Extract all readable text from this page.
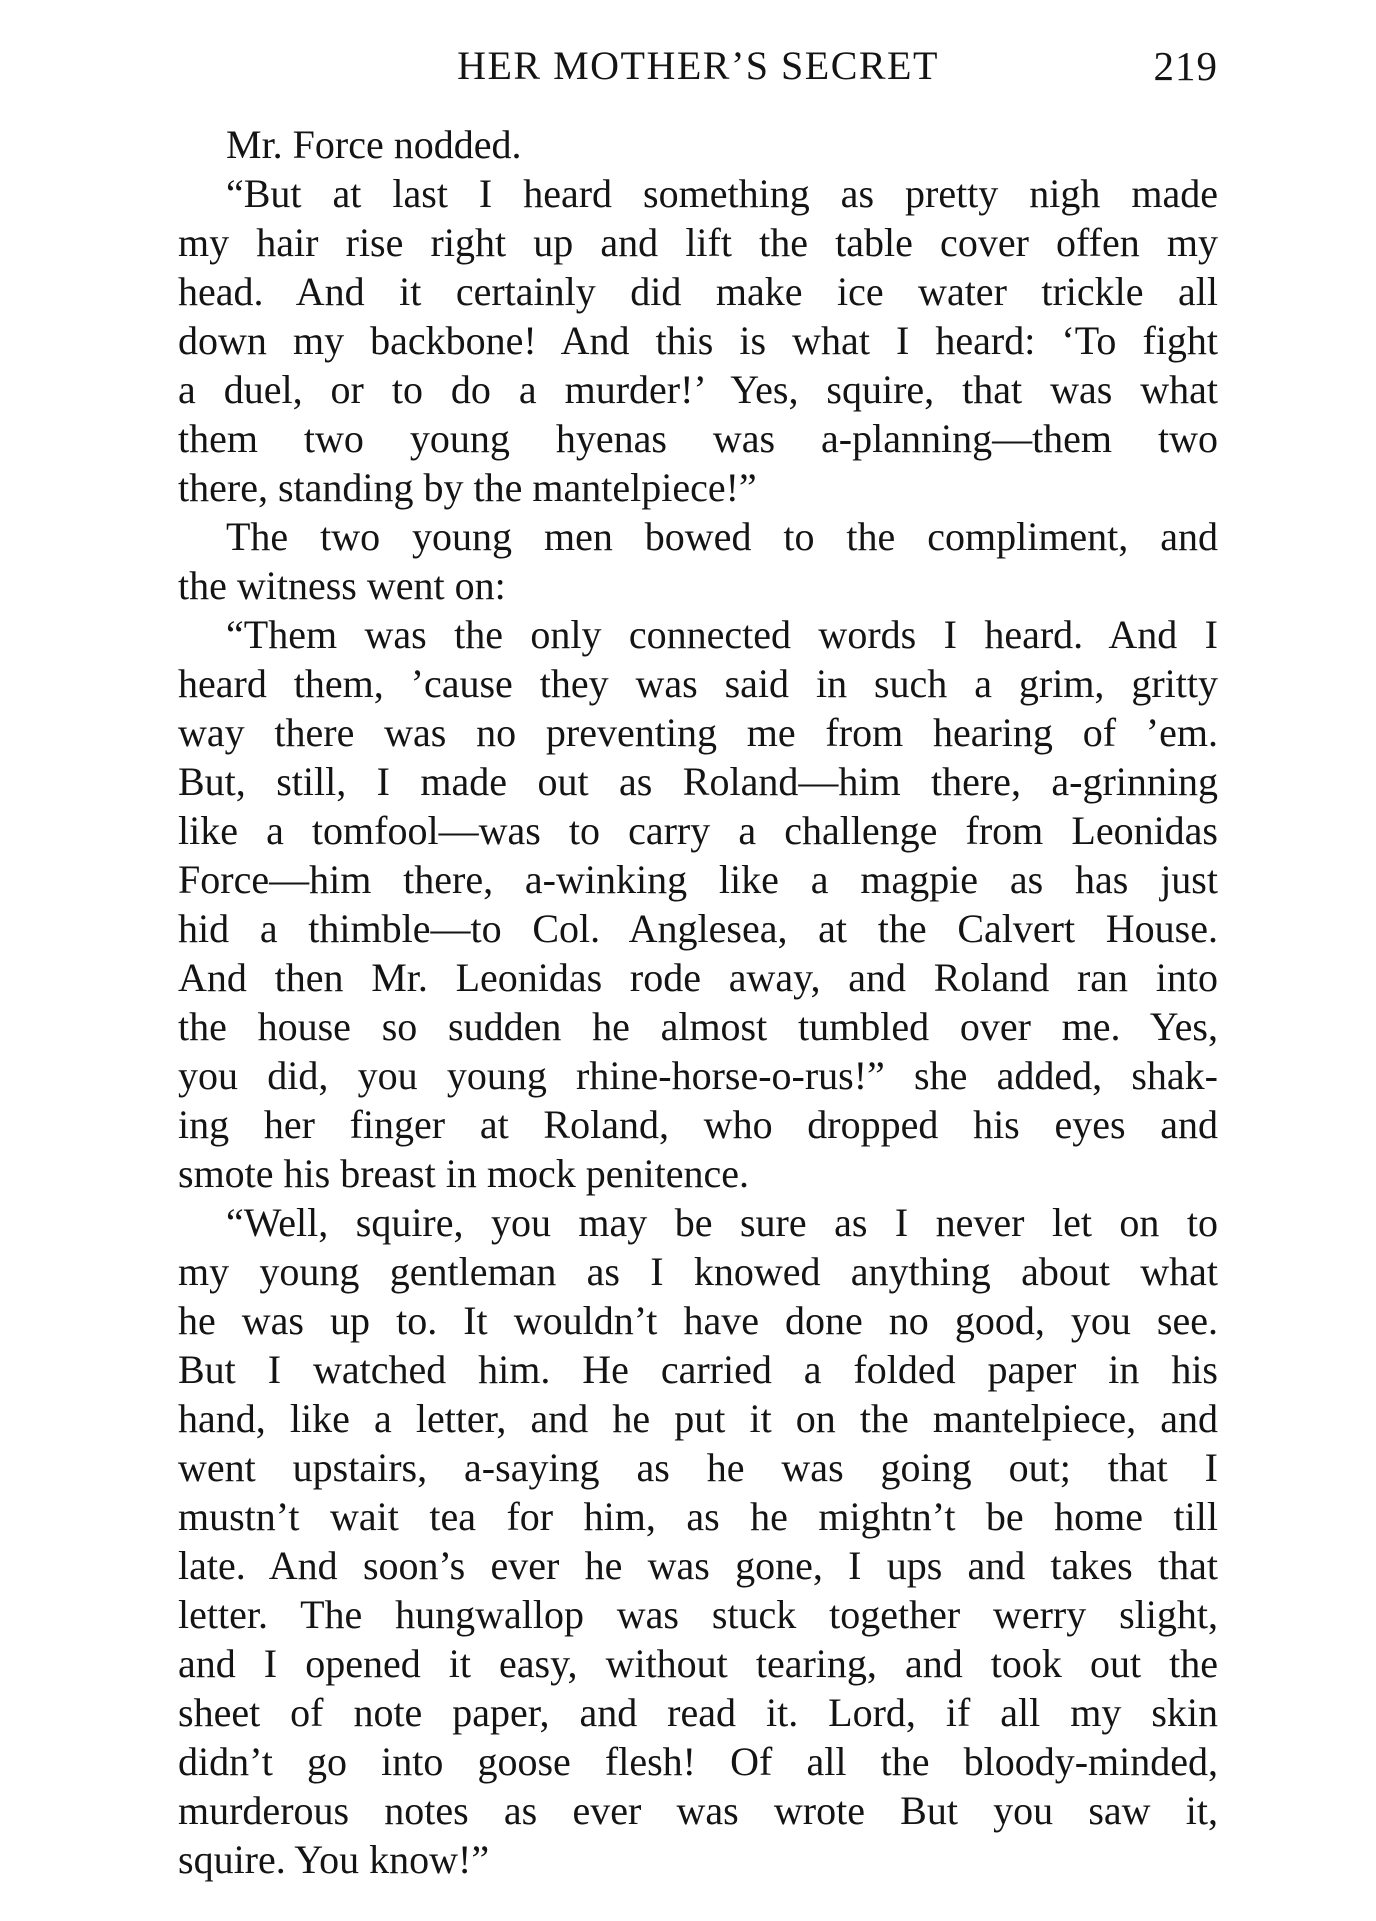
HER MOTHER’S SECRET	219

Mr. Force nodded.

“But at last I heard something as pretty nigh made
my hair rise right up and lift the table cover offen my
head. And it certainly did make ice water trickle all
down my backbone! And this is what I heard: ‘To fight
a duel, or to do a murder!’ Yes, squire, that was what
them two young hyenas was a-planning—them two
there, standing by the mantelpiece!”

The two young men bowed to the compliment, and
the witness went on:

“Them was the only connected words I heard. And I
heard them, ’cause they was said in such a grim, gritty
way there was no preventing me from hearing of ’em.
But, still, I made out as Roland—him there, a-grinning
like a tomfool—was to carry a challenge from Leonidas
Force—him there, a-winking like a magpie as has just
hid a thimble—to Col. Anglesea, at the Calvert House.
And then Mr. Leonidas rode away, and Roland ran into
the house so sudden he almost tumbled over me. Yes,
you did, you young rhine-horse-o-rus!” she added, shak-
ing her finger at Roland, who dropped his eyes and
smote his breast in mock penitence.

“Well, squire, you may be sure as I never let on to
my young gentleman as I knowed anything about what
he was up to. It wouldn’t have done no good, you see.
But I watched him. He carried a folded paper in his
hand, like a letter, and he put it on the mantelpiece, and
went upstairs, a-saying as he was going out; that I
mustn’t wait tea for him, as he mightn’t be home till
late. And soon’s ever he was gone, I ups and takes that
letter. The hungwallop was stuck together werry slight,
and I opened it easy, without tearing, and took out the
sheet of note paper, and read it. Lord, if all my skin
didn’t go into goose flesh! Of all the bloody-minded,
murderous notes as ever was wrote But you saw it,
squire. You know!”
